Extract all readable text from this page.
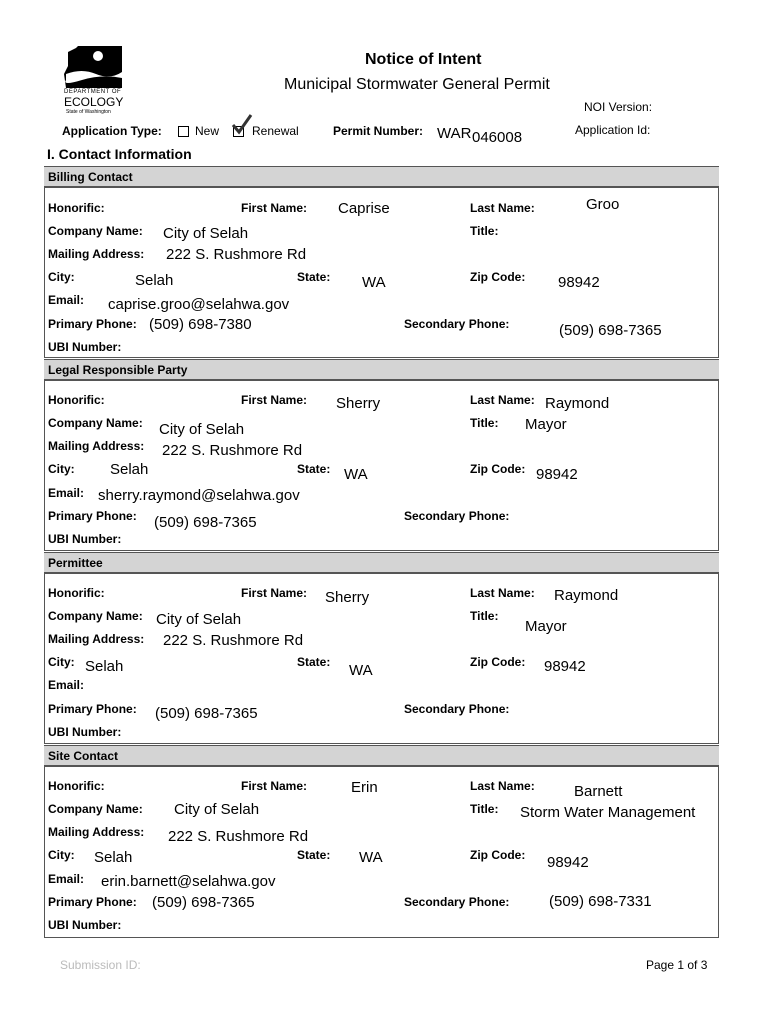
DEPARTMENT OF
ECOLOGY
State of Washington
Notice of Intent
Municipal Stormwater General Permit
NOI Version:
Application Type:	New	Renewal	Permit Number: WAR 046008	Application Id:
I. Contact Information
Billing Contact
Honorific:	First Name: Caprise	Last Name:	Groo
Company Name: City of Selah	Title:
Mailing Address: 222 S. Rushmore Rd
City:	Selah	State: WA	Zip Code: 98942
Email: caprise.groo@selahwa.gov
Primary Phone: (509) 698-7380	Secondary Phone:	(509) 698-7365
UBI Number:
Legal Responsible Party
Honorific:	First Name: Sherry	Last Name: Raymond
Company Name: City of Selah	Title: Mayor
Mailing Address: 222 S. Rushmore Rd
City: Selah	State: WA	Zip Code: 98942
Email: sherry.raymond@selahwa.gov
Primary Phone: (509) 698-7365	Secondary Phone:
UBI Number:
Permittee
Honorific:	First Name: Sherry	Last Name: Raymond
Company Name: City of Selah	Title:
Mayor
Mailing Address: 222 S. Rushmore Rd
City: Selah	State: WA	Zip Code: 98942
Email:
Primary Phone: (509) 698-7365	Secondary Phone:
UBI Number:
Site Contact
Honorific:	First Name:	Erin	Last Name:	Barnett
Company Name: City of Selah	Title: Storm Water Management
Mailing Address: 222 S. Rushmore Rd
City: Selah	State: WA	Zip Code: 98942
Email: erin.barnett@selahwa.gov
Primary Phone: (509) 698-7365	Secondary Phone:	(509) 698-7331
UBI Number:
Submission ID:	Page 1 of 3
